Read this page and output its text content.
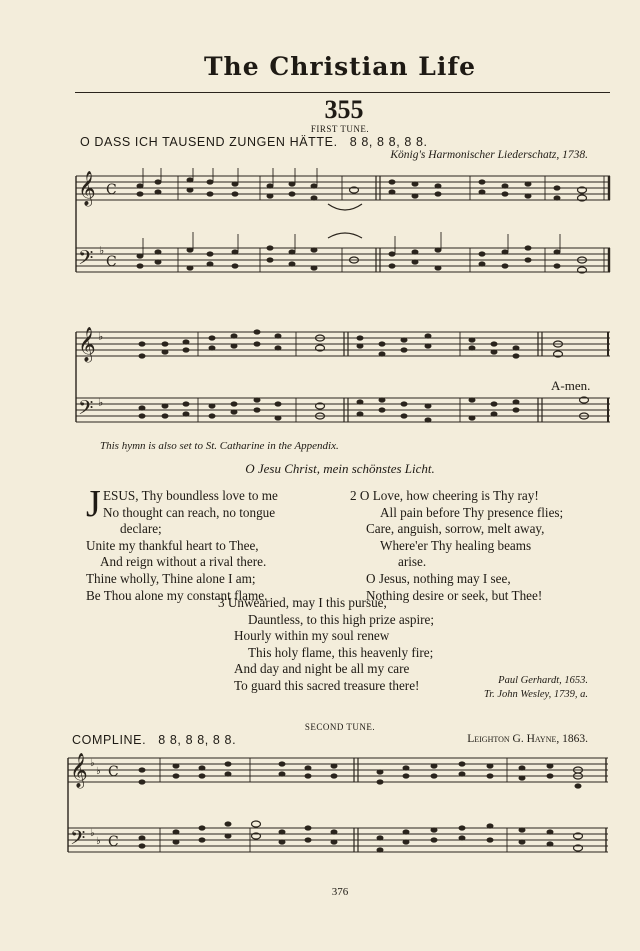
The Christian Life
355
FIRST TUNE.
O DASS ICH TAUSEND ZUNGEN HÄTTE. 8 8, 8 8, 8 8.
König's Harmonischer Liederschatz, 1738.
𝄞
𝄢
C
C
♭
𝄞
𝄢
♭
♭
A-men.
This hymn is also set to St. Catharine in the Appendix.
O Jesu Christ, mein schönstes Licht.
J ESUS, Thy boundless love to me
No thought can reach, no tongue
declare;
Unite my thankful heart to Thee,
And reign without a rival there.
Thine wholly, Thine alone I am;
Be Thou alone my constant flame.
2 O Love, how cheering is Thy ray!
All pain before Thy presence flies;
Care, anguish, sorrow, melt away,
Where'er Thy healing beams
arise.
O Jesus, nothing may I see,
Nothing desire or seek, but Thee!
3 Unwearied, may I this pursue,
Dauntless, to this high prize aspire;
Hourly within my soul renew
This holy flame, this heavenly fire;
And day and night be all my care
To guard this sacred treasure there!	Paul Gerhardt, 1653.
Tr. John Wesley, 1739, a.
SECOND TUNE.
COMPLINE. 8 8, 8 8, 8 8.	Leighton G. Hayne, 1863.
𝄞
𝄢
♭
♭
♭
♭
C
C
376
